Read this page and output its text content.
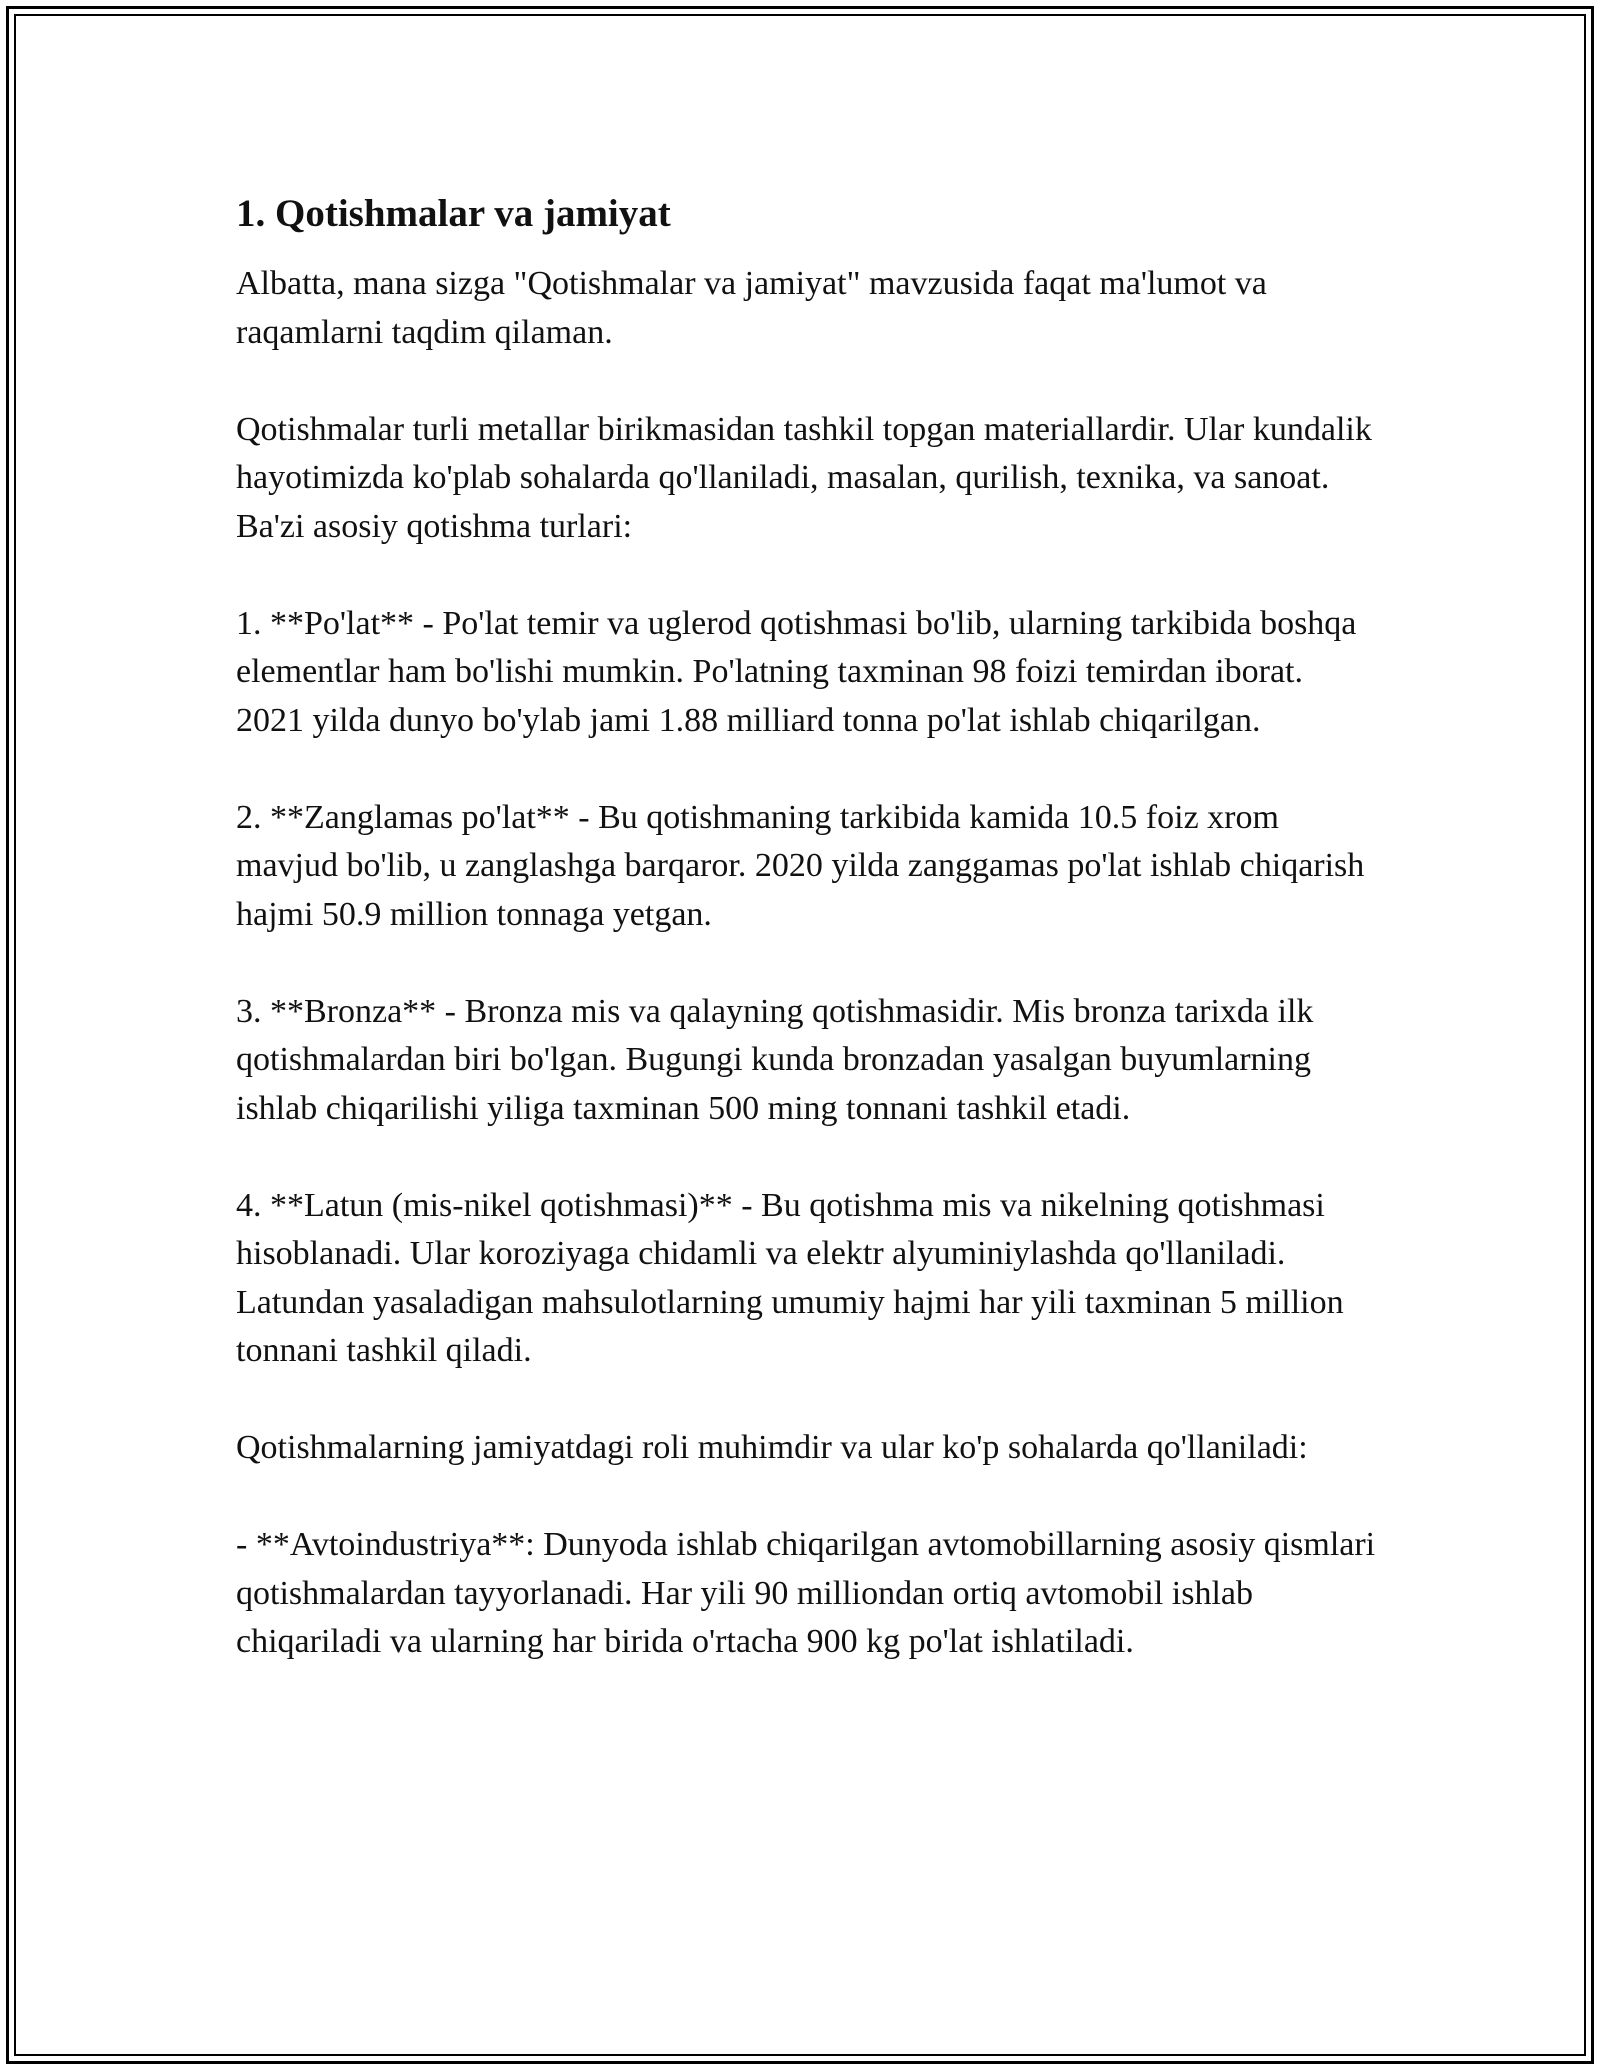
1. Qotishmalar va jamiyat

Albatta, mana sizga "Qotishmalar va jamiyat" mavzusida faqat ma'lumot va raqamlarni taqdim qilaman.

Qotishmalar turli metallar birikmasidan tashkil topgan materiallardir. Ular kundalik hayotimizda ko'plab sohalarda qo'llaniladi, masalan, qurilish, texnika, va sanoat. Ba'zi asosiy qotishma turlari:

1. **Po'lat** - Po'lat temir va uglerod qotishmasi bo'lib, ularning tarkibida boshqa elementlar ham bo'lishi mumkin. Po'latning taxminan 98 foizi temirdan iborat. 2021 yilda dunyo bo'ylab jami 1.88 milliard tonna po'lat ishlab chiqarilgan.

2. **Zanglamas po'lat** - Bu qotishmaning tarkibida kamida 10.5 foiz xrom mavjud bo'lib, u zanglashga barqaror. 2020 yilda zanggamas po'lat ishlab chiqarish hajmi 50.9 million tonnaga yetgan.

3. **Bronza** - Bronza mis va qalayning qotishmasidir. Mis bronza tarixda ilk qotishmalardan biri bo'lgan. Bugungi kunda bronzadan yasalgan buyumlarning ishlab chiqarilishi yiliga taxminan 500 ming tonnani tashkil etadi.

4. **Latun (mis-nikel qotishmasi)** - Bu qotishma mis va nikelning qotishmasi hisoblanadi. Ular koroziyaga chidamli va elektr alyuminiylashda qo'llaniladi. Latundan yasaladigan mahsulotlarning umumiy hajmi har yili taxminan 5 million tonnani tashkil qiladi.

Qotishmalarning jamiyatdagi roli muhimdir va ular ko'p sohalarda qo'llaniladi:

- **Avtoindustriya**: Dunyoda ishlab chiqarilgan avtomobillarning asosiy qismlari qotishmalardan tayyorlanadi. Har yili 90 milliondan ortiq avtomobil ishlab chiqariladi va ularning har birida o'rtacha 900 kg po'lat ishlatiladi.
